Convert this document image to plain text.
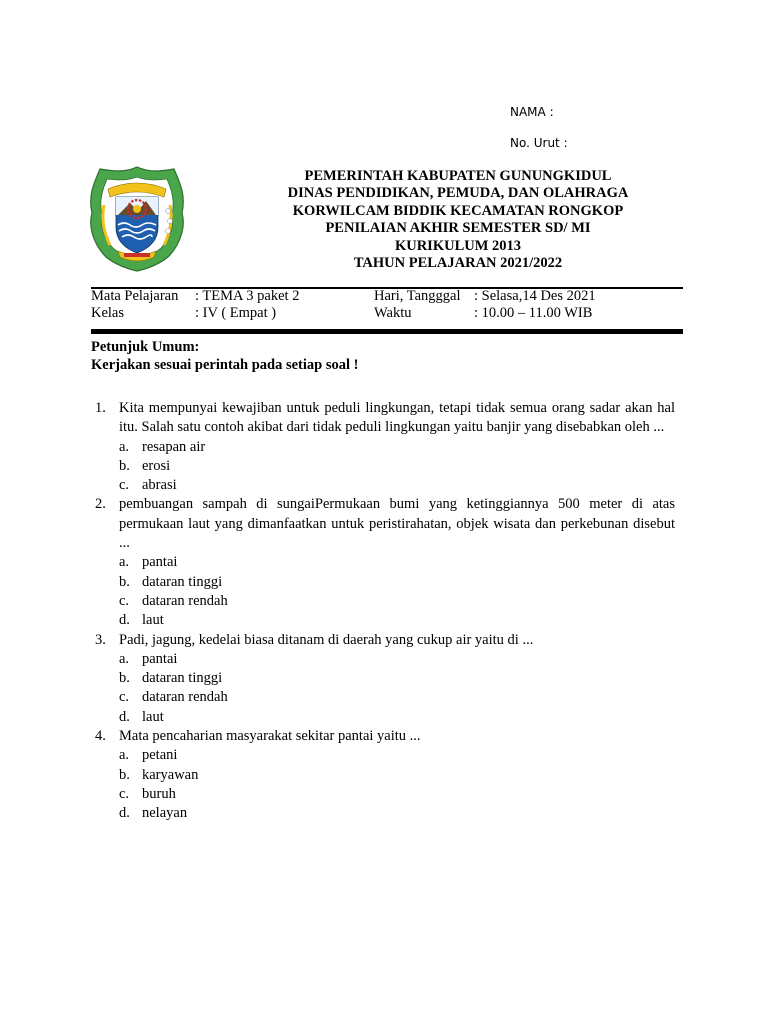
NAMA :
No. Urut :
PEMERINTAH KABUPATEN GUNUNGKIDUL
DINAS PENDIDIKAN, PEMUDA, DAN OLAHRAGA
KORWILCAM BIDDIK KECAMATAN RONGKOP
PENILAIAN AKHIR SEMESTER SD/ MI
KURIKULUM 2013
TAHUN PELAJARAN 2021/2022
Mata Pelajaran : TEMA 3 paket 2	Hari, Tangggal : Selasa,14 Des 2021
Kelas	: IV ( Empat )	Waktu	: 10.00 – 11.00 WIB
Petunjuk Umum:
Kerjakan sesuai perintah pada setiap soal !
1. Kita mempunyai kewajiban untuk peduli lingkungan, tetapi tidak semua orang sadar akan hal itu. Salah satu contoh akibat dari tidak peduli lingkungan yaitu banjir yang disebabkan oleh ...
a. resapan air
b. erosi
c. abrasi
2. pembuangan sampah di sungaiPermukaan bumi yang ketinggiannya 500 meter di atas permukaan laut yang dimanfaatkan untuk peristirahatan, objek wisata dan perkebunan disebut ...
a. pantai
b. dataran tinggi
c. dataran rendah
d. laut
3. Padi, jagung, kedelai biasa ditanam di daerah yang cukup air yaitu di ...
a. pantai
b. dataran tinggi
c. dataran rendah
d. laut
4. Mata pencaharian masyarakat sekitar pantai yaitu ...
a. petani
b. karyawan
c. buruh
d. nelayan
